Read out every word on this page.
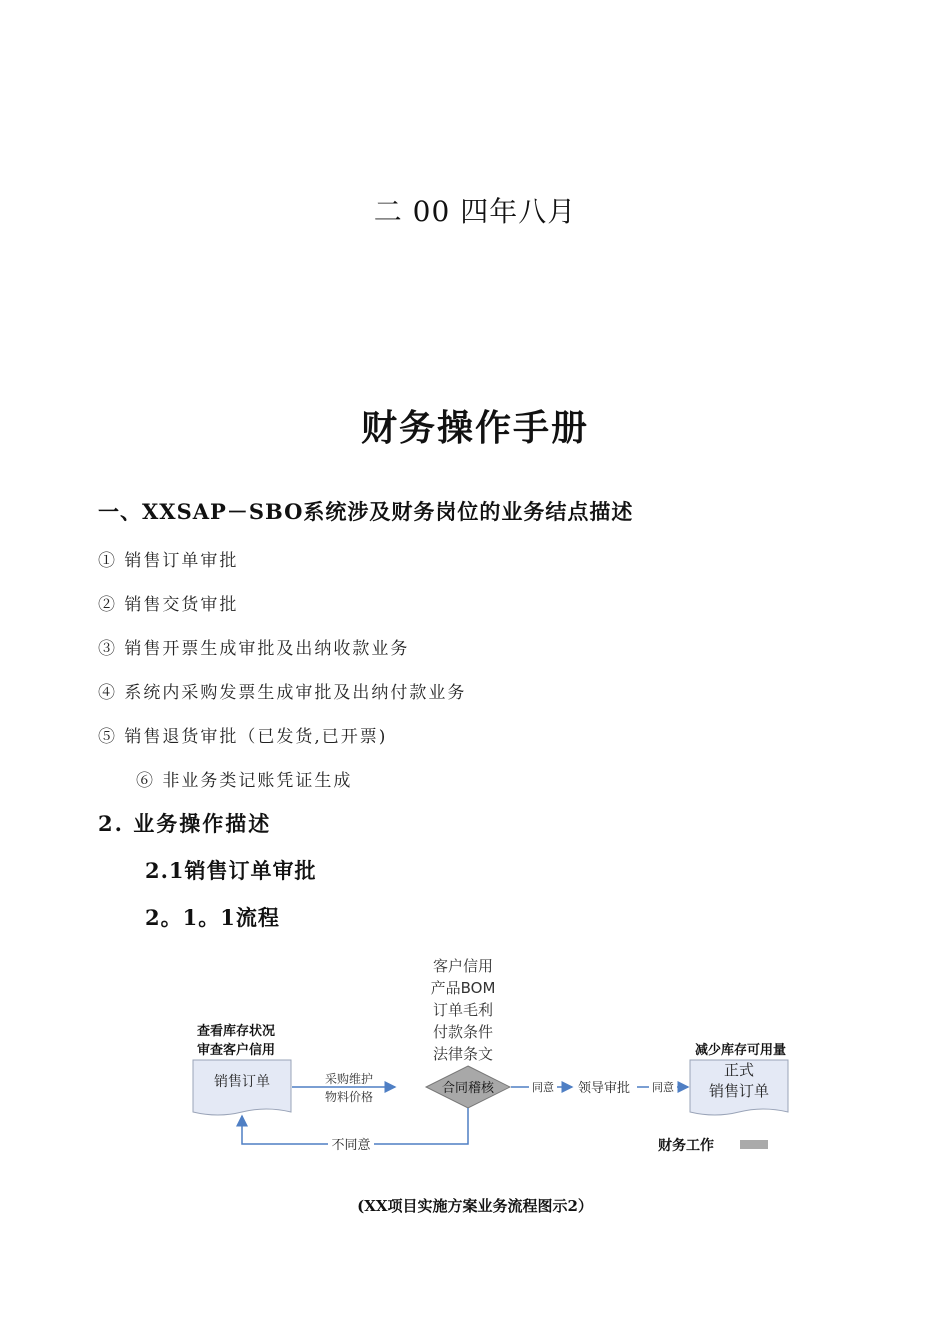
二 00 四年八月
财务操作手册
一、XXSAP－SBO系统涉及财务岗位的业务结点描述
① 销售订单审批
② 销售交货审批
③ 销售开票生成审批及出纳收款业务
④ 系统内采购发票生成审批及出纳付款业务
⑤ 销售退货审批（已发货,已开票)
⑥ 非业务类记账凭证生成
2. 业务操作描述
2.1销售订单审批
2。1。1流程
客户信用
产品BOM
订单毛利
付款条件
法律条文
查看库存状况
审查客户信用
销售订单	采购维护
物料价格
合同稽核	同意 领导审批 同意
减少库存可用量
正式
销售订单
不同意	财务工作
(XX项目实施方案业务流程图示2）
